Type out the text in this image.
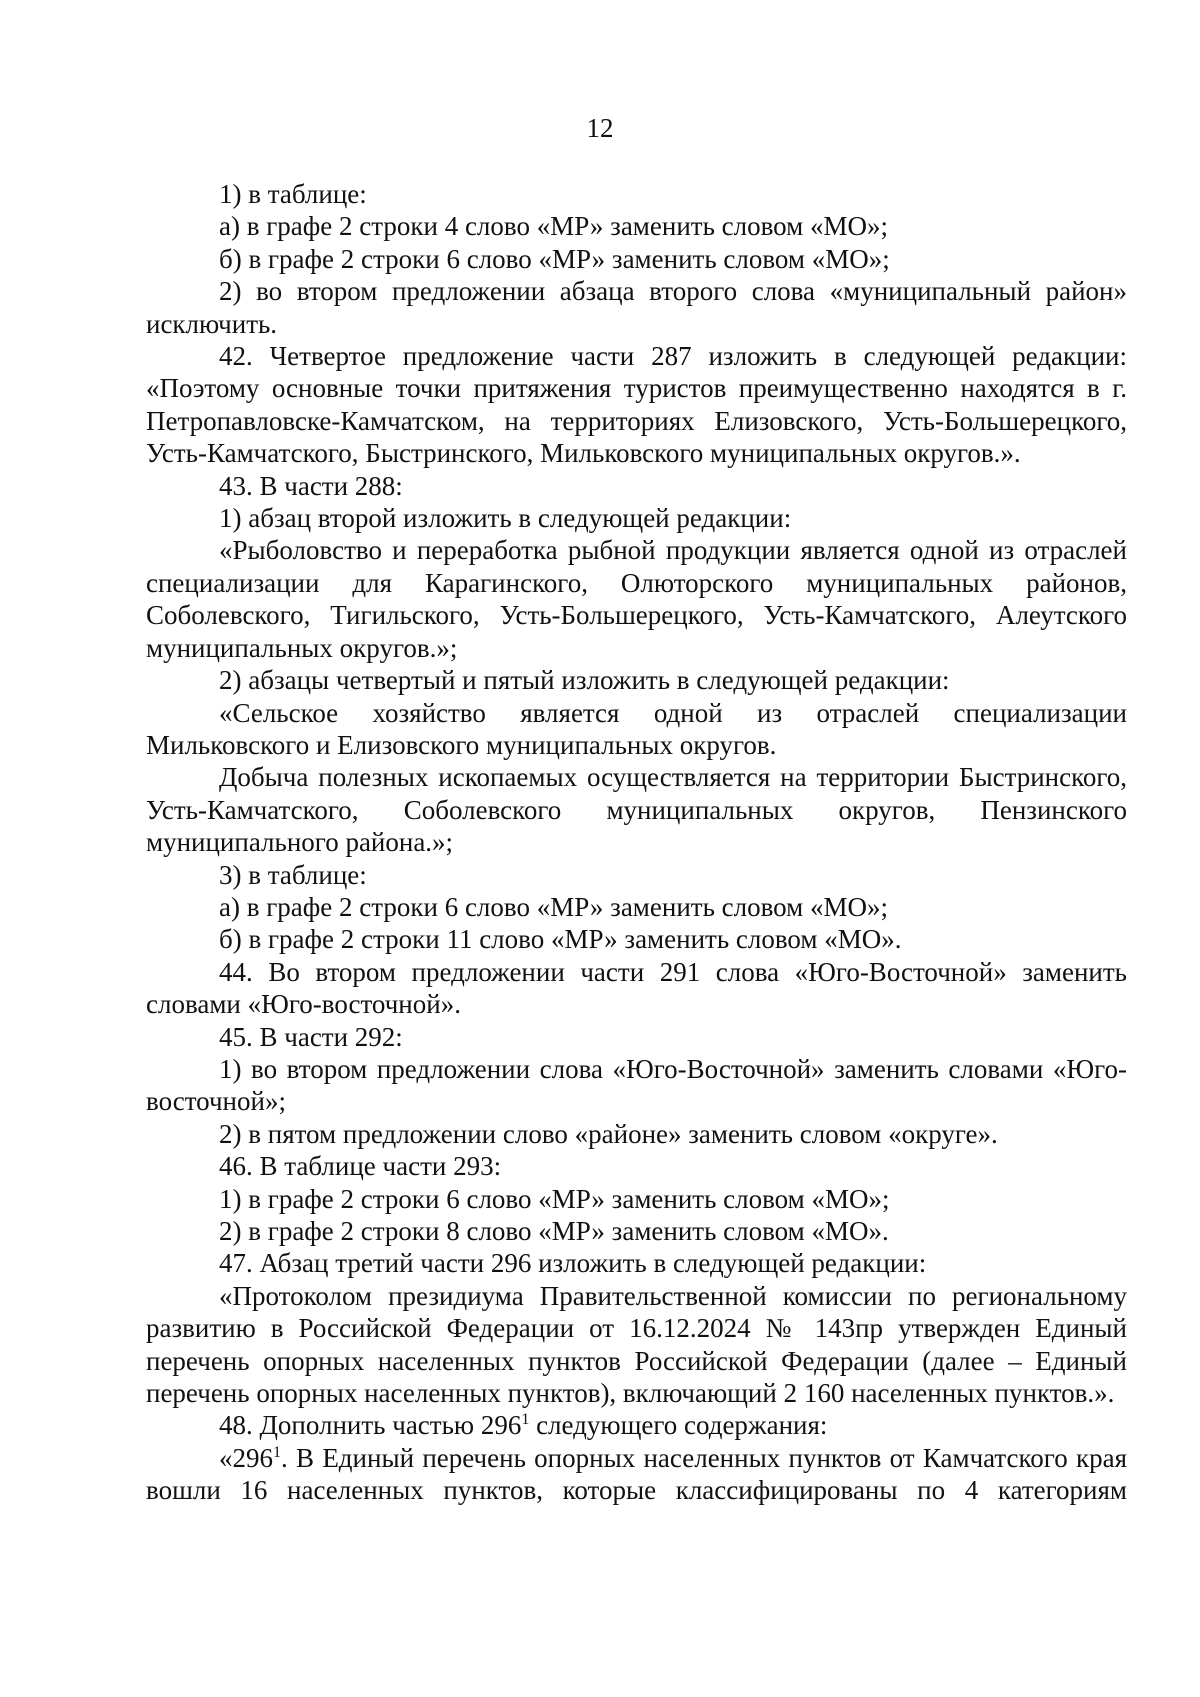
12

1) в таблице:

а) в графе 2 строки 4 слово «МР» заменить словом «МО»;

б) в графе 2 строки 6 слово «МР» заменить словом «МО»;

2) во втором предложении абзаца второго слова «муниципальный район» исключить.

42. Четвертое предложение части 287 изложить в следующей редакции: «Поэтому основные точки притяжения туристов преимущественно находятся в г. Петропавловске-Камчатском, на территориях Елизовского, Усть-Большерецкого, Усть-Камчатского, Быстринского, Мильковского муниципальных округов.».

43. В части 288:

1) абзац второй изложить в следующей редакции:

«Рыболовство и переработка рыбной продукции является одной из отраслей специализации для Карагинского, Олюторского муниципальных районов, Соболевского, Тигильского, Усть-Большерецкого, Усть-Камчатского, Алеутского муниципальных округов.»;

2) абзацы четвертый и пятый изложить в следующей редакции:

«Сельское хозяйство является одной из отраслей специализации Мильковского и Елизовского муниципальных округов.

Добыча полезных ископаемых осуществляется на территории Быстринского, Усть-Камчатского, Соболевского муниципальных округов, Пензинского муниципального района.»;

3) в таблице:

а) в графе 2 строки 6 слово «МР» заменить словом «МО»;

б) в графе 2 строки 11 слово «МР» заменить словом «МО».

44. Во втором предложении части 291 слова «Юго-Восточной» заменить словами «Юго-восточной».

45. В части 292:

1) во втором предложении слова «Юго-Восточной» заменить словами «Юго-восточной»;

2) в пятом предложении слово «районе» заменить словом «округе».

46. В таблице части 293:

1) в графе 2 строки 6 слово «МР» заменить словом «МО»;

2) в графе 2 строки 8 слово «МР» заменить словом «МО».

47. Абзац третий части 296 изложить в следующей редакции:

«Протоколом президиума Правительственной комиссии по региональному развитию в Российской Федерации от 16.12.2024 № 143пр утвержден Единый перечень опорных населенных пунктов Российской Федерации (далее – Единый перечень опорных населенных пунктов), включающий 2 160 населенных пунктов.».

48. Дополнить частью $296^1$ следующего содержания:

«$296^1$. В Единый перечень опорных населенных пунктов от Камчатского края вошли 16 населенных пунктов, которые классифицированы по 4 категориям
